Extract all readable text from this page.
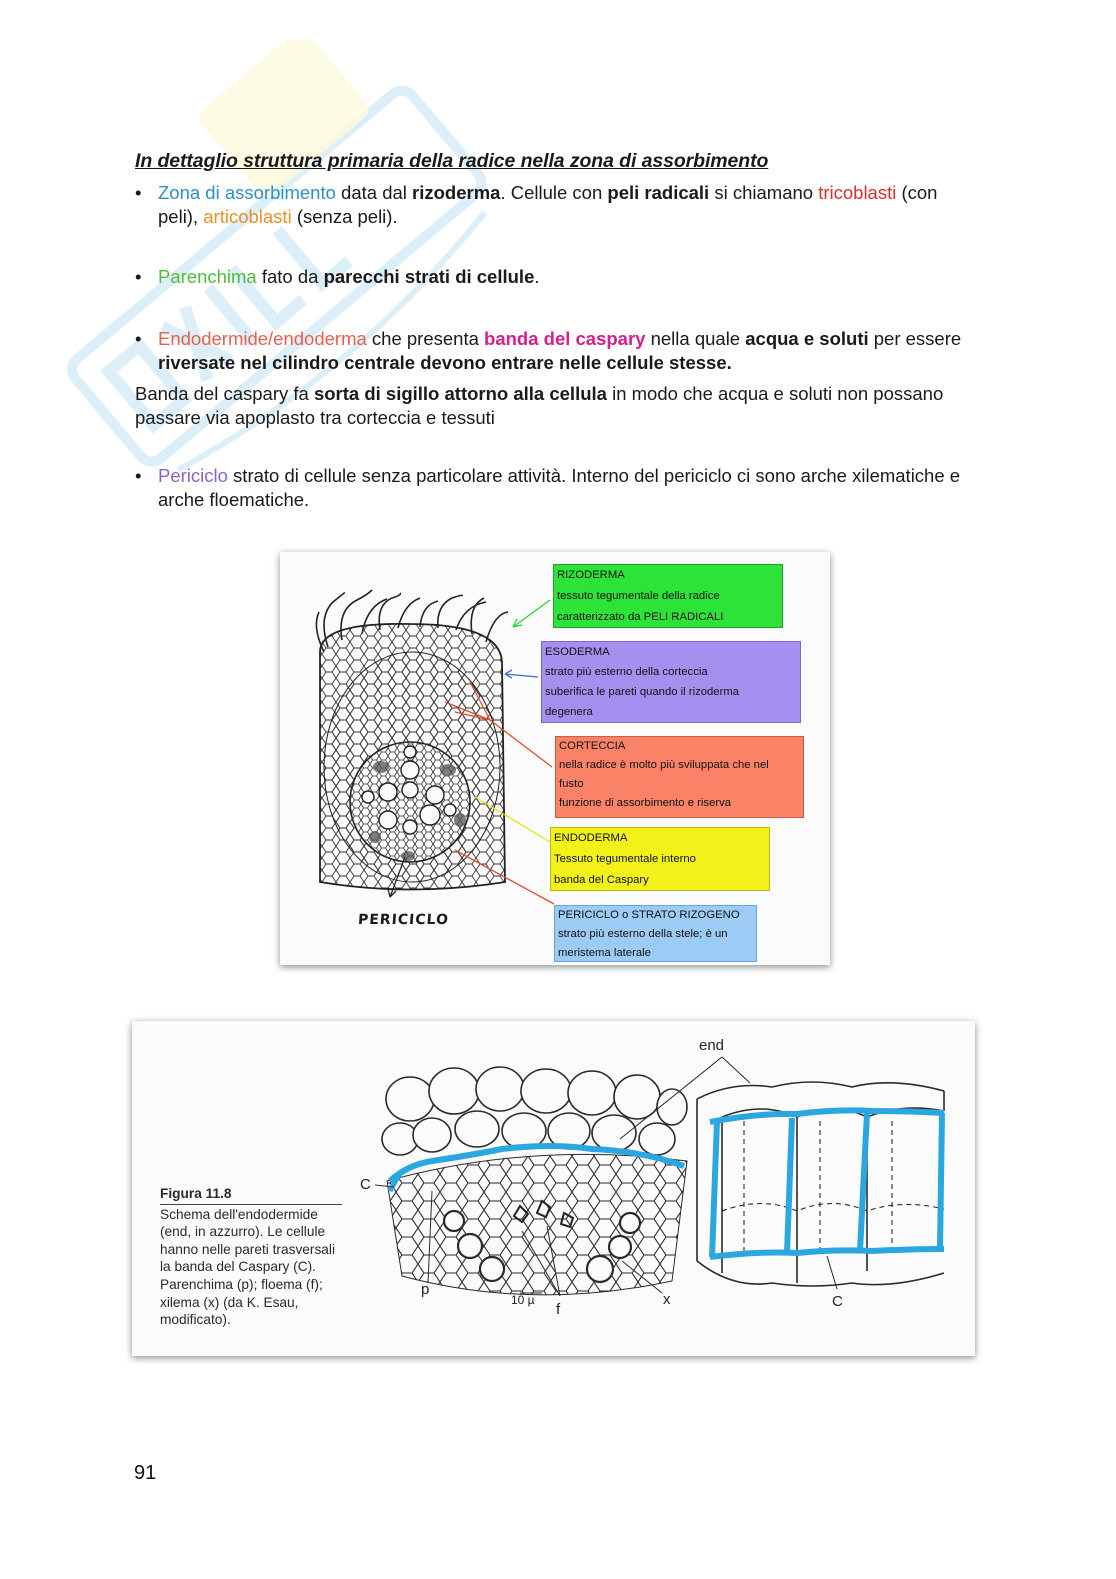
In dettaglio struttura primaria della radice nella zona di assorbimento
• Zona di assorbimento data dal rizoderma. Cellule con peli radicali si chiamano tricoblasti (con peli), articoblasti (senza peli).
• Parenchima fato da parecchi strati di cellule.
• Endodermide/endoderma che presenta banda del caspary nella quale acqua e soluti per essere riversate nel cilindro centrale devono entrare nelle cellule stesse.
Banda del caspary fa sorta di sigillo attorno alla cellula in modo che acqua e soluti non possano passare via apoplasto tra corteccia e tessuti
• Periciclo strato di cellule senza particolare attività. Interno del periciclo ci sono arche xilematiche e arche floematiche.
PERICICLO
RIZODERMA
tessuto tegumentale della radice
caratterizzato da PELI RADICALI
ESODERMA
strato più esterno della corteccia
suberifica le pareti quando il rizoderma
degenera
CORTECCIA
nella radice è molto più sviluppata che nel
fusto
funzione di assorbimento e riserva
ENDODERMA
Tessuto tegumentale interno
banda del Caspary
PERICICLO o STRATO RIZOGENO
strato più esterno della stele; è un
meristema laterale
Figura 11.8
Schema dell'endodermide (end, in azzurro). Le cellule hanno nelle pareti trasversali la banda del Caspary (C). Parenchima (p); floema (f); xilema (x) (da K. Esau, modificato).
end
C
p
10 µ
f
x	C
91
